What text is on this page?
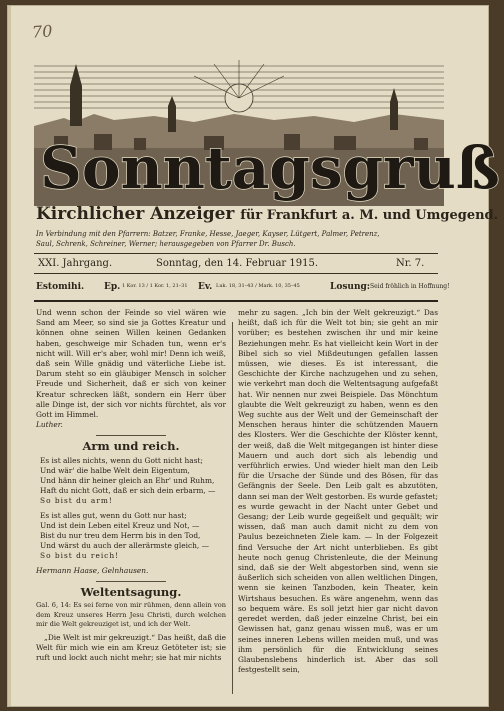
70
Sonntagsgruß
Kirchlicher Anzeiger für Frankfurt a. M. und Umgegend.
In Verbindung mit den Pfarrern: Batzer, Franke, Hesse, Jaeger, Kayser, Lütgert, Palmer, Petrenz,
Saul, Schrenk, Schreiner, Werner; herausgegeben von Pfarrer Dr. Busch.
XXI. Jahrgang.	Sonntag, den 14. Februar 1915.	Nr. 7.
Estomihi. Ep. 1 Kor. 13 / 1 Kor. 1, 21–31 Ev. Luk. 18, 31–43 / Mark. 10, 35–45	Losung: Seid fröhlich in Hoffnung!

Und wenn schon der Feinde so viel wären wie Sand am Meer, so sind sie ja Gottes Kreatur und können ohne seinen Willen keinen Gedanken haben, geschweige mir Schaden tun, wenn er's nicht will. Will er's aber, wohl mir! Denn ich weiß, daß sein Wille gnädig und väterliche Liebe ist. Darum steht so ein gläubiger Mensch in solcher Freude und Sicherheit, daß er sich von keiner Kreatur schrecken läßt, sondern ein Herr über alle Dinge ist, der sich vor nichts fürchtet, als vor Gott im Himmel.

Luther.

Arm und reich.
Es ist alles nichts, wenn du Gott nicht hast;
Und wär' die halbe Welt dein Eigentum,
Und hänn dir heiner gleich an Ehr' und Ruhm,
Haft du nicht Gott, daß er sich dein erbarm, —
So bist du arm!
Es ist alles gut, wenn du Gott nur hast;
Und ist dein Leben eitel Kreuz und Not, —
Bist du nur treu dem Herrn bis in den Tod,
Und wärst du auch der allerärmste gleich, —
So bist du reich!

Hermann Haase, Gelnhausen.

Weltentsagung.

Gal. 6, 14: Es sei ferne von mir rühmen, denn allein von dem Kreuz unseres Herrn Jesu Christi, durch welchen mir die Welt gekreuziget ist, und ich der Welt.

„Die Welt ist mir gekreuzigt.“ Das heißt, daß die Welt für mich wie ein am Kreuz Getöteter ist; sie ruft und lockt auch nicht mehr; sie hat mir nichts

mehr zu sagen. „Ich bin der Welt gekreuzigt.“ Das heißt, daß ich für die Welt tot bin; sie geht an mir vorüber; es bestehen zwischen ihr und mir keine Beziehungen mehr. Es hat vielleicht kein Wort in der Bibel sich so viel Mißdeutungen gefallen lassen müssen, wie dieses. Es ist interessant, die Geschichte der Kirche nachzugehen und zu sehen, wie verkehrt man doch die Weltentsagung aufgefaßt hat. Wir nennen nur zwei Beispiele. Das Mönchtum glaubte die Welt gekreuzigt zu haben, wenn es den Weg suchte aus der Welt und der Gemeinschaft der Menschen heraus hinter die schützenden Mauern des Klosters. Wer die Geschichte der Klöster kennt, der weiß, daß die Welt mitgegangen ist hinter diese Mauern und auch dort sich als lebendig und verführlich erwies. Und wieder hielt man den Leib für die Ursache der Sünde und des Bösen, für das Gefängnis der Seele. Den Leib galt es abzutöten, dann sei man der Welt gestorben. Es wurde gefastet; es wurde gewacht in der Nacht unter Gebet und Gesang; der Leib wurde gegeißelt und gequält; wir wissen, daß man auch damit nicht zu dem von Paulus bezeichneten Ziele kam. — In der Folgezeit find Versuche der Art nicht unterblieben. Es gibt heute noch genug Christenleute, die der Meinung sind, daß sie der Welt abgestorben sind, wenn sie äußerlich sich scheiden von allen weltlichen Dingen, wenn sie keinen Tanzboden, kein Theater, kein Wirtshaus besuchen. Es wäre angenehm, wenn das so bequem wäre. Es soll jetzt hier gar nicht davon geredet werden, daß jeder einzelne Christ, bei ein Gewissen hat, ganz genau wissen muß, was er um seines inneren Lebens willen meiden muß, und was ihm persönlich für die Entwicklung seines Glaubenslebens hinderlich ist. Aber das soll festgestellt sein,
